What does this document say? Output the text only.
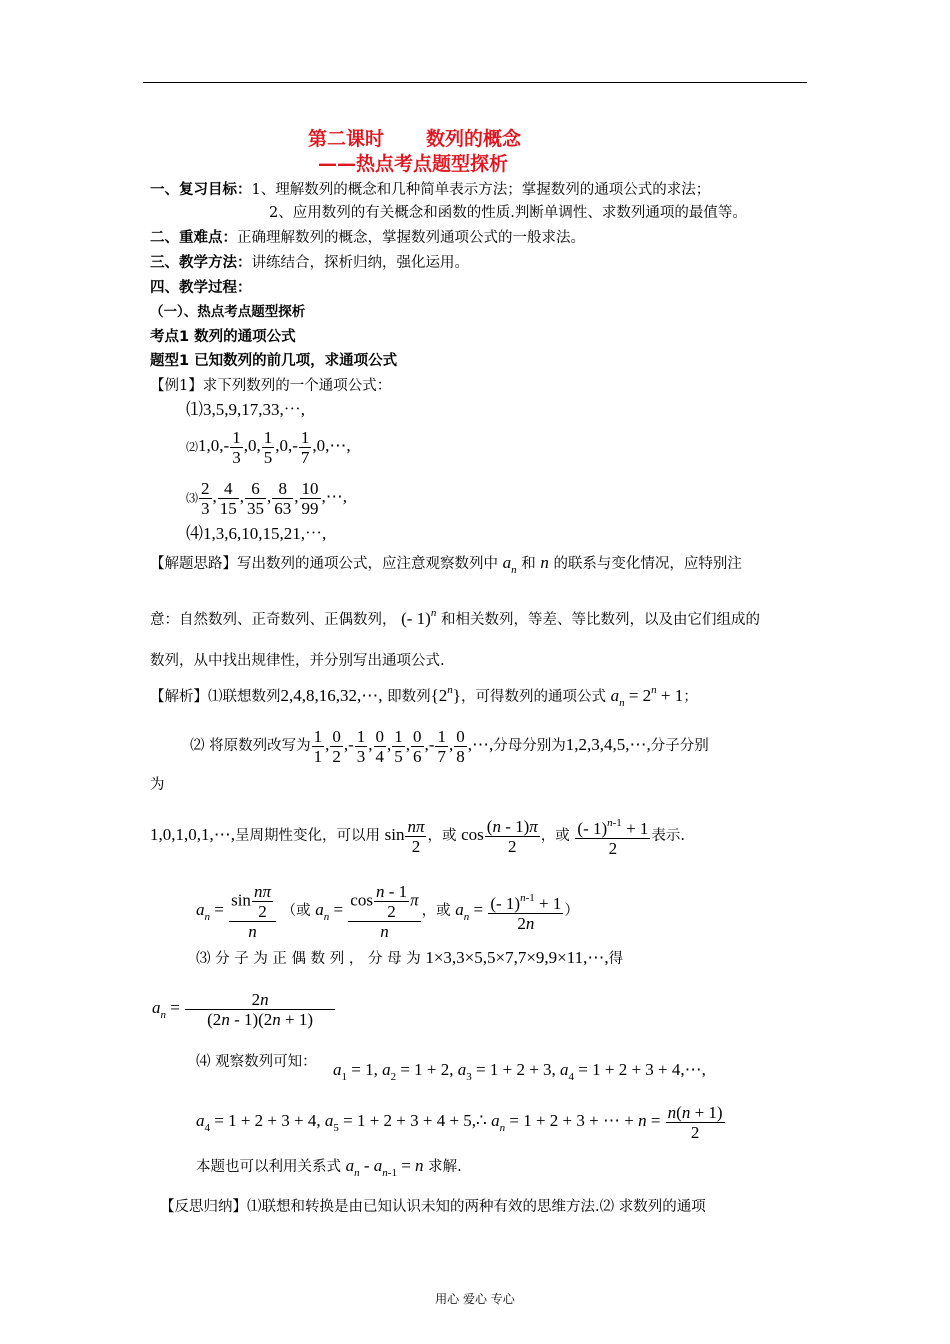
第二课时 数列的概念
——热点考点题型探析
一、复习目标：1、理解数列的概念和几种简单表示方法；掌握数列的通项公式的求法；
2、应用数列的有关概念和函数的性质.判断单调性、求数列通项的最值等。
二、重难点：正确理解数列的概念，掌握数列通项公式的一般求法。
三、教学方法：讲练结合，探析归纳，强化运用。
四、教学过程：
（一）、热点考点题型探析
考点1 数列的通项公式
题型1 已知数列的前几项，求通项公式
【例1】求下列数列的一个通项公式：
⑴3,5,9,17,33,⋯,
⑵1,0,- $\frac{1}{3} ,0$, $\frac{1}{5} ,0,- \frac{1}{7}$ ,0,⋯,
⑶ $\frac{2}{3}$ , $\frac{4}{15}$ , $\frac{6}{35}$ , $\frac{8}{63}$ , $\frac{10}{99}$ ,⋯,
⑷1,3,6,10,15,21,⋯,
【解题思路】写出数列的通项公式，应注意观察数列中 $a_n$ 和 n 的联系与变化情况，应特别注
意：自然数列、正奇数列、正偶数列， (- 1)$^n$ 和相关数列，等差、等比数列，以及由它们组成的
数列，从中找出规律性，并分别写出通项公式.
【解析】⑴联想数列2,4,8,16,32,⋯, 即数列{2$^n$}，可得数列的通项公式 $a_n = 2^n + 1$；
⑵ 将原数列改写为 $\frac{1}{1}$ , $\frac{0}{2}$ ,- $\frac{1}{3}$ , $\frac{0}{4}$ , $\frac{1}{5}$ , $\frac{0}{6}$ ,- $\frac{1}{7}$ , $\frac{0}{8}$ ,⋯,分母分别为1,2,3,4,5,⋯,分子分别
为
1,0,1,0,1,⋯,呈周期性变化，可以用 $\sin \frac{n\pi}{2}$ ，或 $\cos \frac{(n - 1)\pi}{2}$ ，或 $\frac{(- 1)^{n-1} + 1}{2}$ 表示.
$a_n = \frac{\sin \frac{n\pi}{2}}{n}$ （或 $a_n = \frac{\cos \frac{n - 1}{2} \pi}{n}$ ，或 $a_n = \frac{(- 1)^{n-1} + 1}{2n}$ ）
⑶ 分 子 为 正 偶 数 列 ， 分 母 为 1×3,3×5,5×7,7×9,9×11,⋯,得
$a_n = \frac{2n}{(2n - 1)(2n + 1)}$
⑷ 观察数列可知： $a_1 = 1$, $a_2 = 1 + 2$, $a_3 = 1 + 2 + 3$, $a_4 = 1 + 2 + 3$ + 4,⋯,
$a_4 = 1 + 2 + 3 + 4$, $a_5 = 1 + 2 + 3 + 4$ + 5,∴ $a_n = 1 + 2 + 3$ + ⋯ + $n = \frac{n(n + 1)}{2}$
本题也可以利用关系式 $a_n - a_{n-1} = n$ 求解.
【反思归纳】⑴联想和转换是由已知认识未知的两种有效的思维方法.⑵ 求数列的通项
用心 爱心 专心
